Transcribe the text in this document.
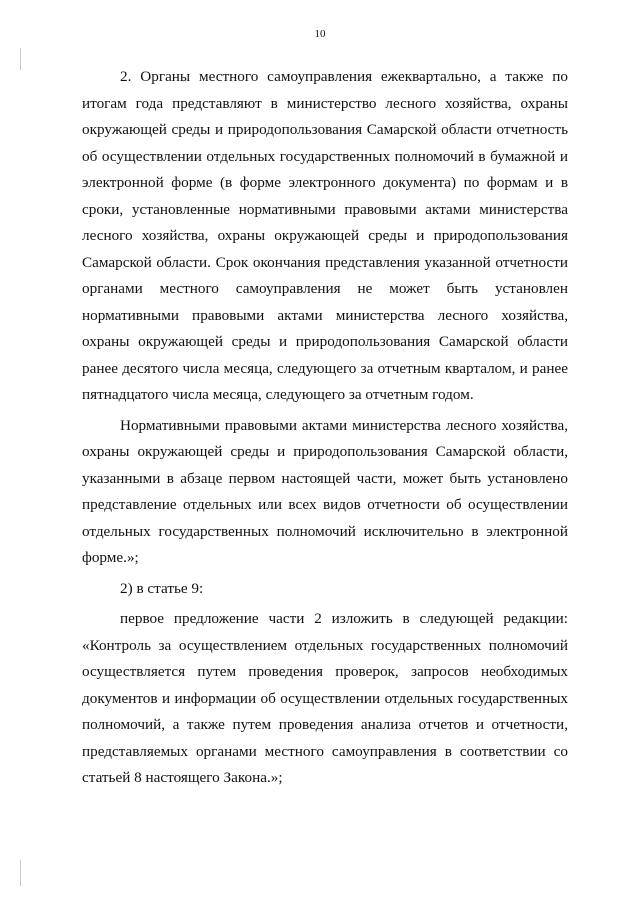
10

2. Органы местного самоуправления ежеквартально, а также по итогам года представляют в министерство лесного хозяйства, охраны окружающей среды и природопользования Самарской области отчетность об осуществлении отдельных государственных полномочий в бумажной и электронной форме (в форме электронного документа) по формам и в сроки, установленные нормативными правовыми актами министерства лесного хозяйства, охраны окружающей среды и природопользования Самарской области. Срок окончания представления указанной отчетности органами местного самоуправления не может быть установлен нормативными правовыми актами министерства лесного хозяйства, охраны окружающей среды и природопользования Самарской области ранее десятого числа месяца, следующего за отчетным кварталом, и ранее пятнадцатого числа месяца, следующего за отчетным годом.

Нормативными правовыми актами министерства лесного хозяйства, охраны окружающей среды и природопользования Самарской области, указанными в абзаце первом настоящей части, может быть установлено представление отдельных или всех видов отчетности об осуществлении отдельных государственных полномочий исключительно в электронной форме.»;

2) в статье 9:

первое предложение части 2 изложить в следующей редакции: «Контроль за осуществлением отдельных государственных полномочий осуществляется путем проведения проверок, запросов необходимых документов и информации об осуществлении отдельных государственных полномочий, а также путем проведения анализа отчетов и отчетности, представляемых органами местного самоуправления в соответствии со статьей 8 настоящего Закона.»;
